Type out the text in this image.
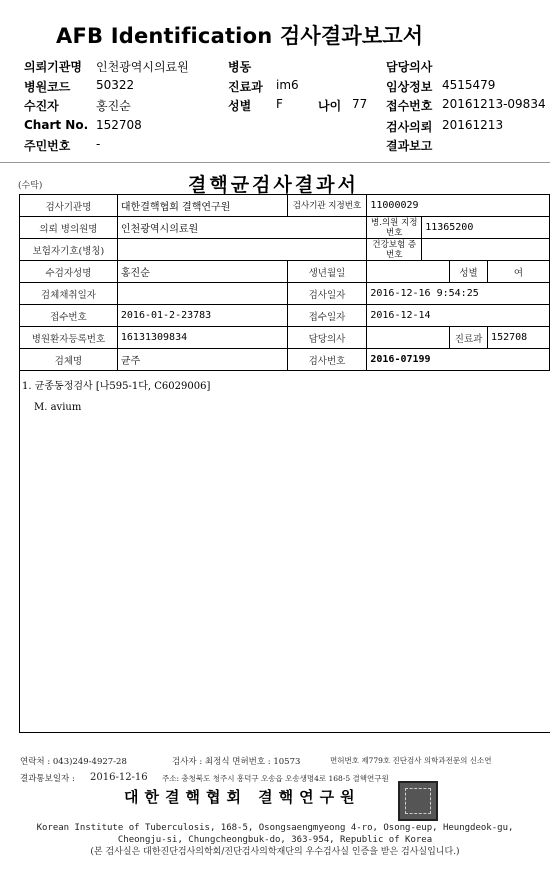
AFB Identification 검사결과보고서
의뢰기관명 인천광역시의료원	병동	담당의사
병원코드 50322	진료과 im6	임상정보 4515479
수진자	홍진순	성별 F	나이 77 접수번호 20161213-09834
Chart No. 152708	검사의뢰 20161213
주민번호 -	결과보고
(수탁)	결핵균검사결과서
검사기관명	대한결핵협회 결핵연구원	검사기관 지정번호	11000029			
의뢰 병의원명	인천광역시의료원		병.의원 지정번호	11365200		
보험자기호(병칭)			건강보험 증번호			
수검자성명	홍진순	생년월일			성별	여
검체채취일자		검사일자	2016-12-16 9:54:25			
접수번호	2016-01-2-23783	접수일자	2016-12-14			
병원환자등록번호	16131309834	담당의사			진료과	152708
검체명	균주	검사번호	2016-07199			
1. 균종동정검사 [나595-1다, C6029006]
M. avium
연락처 : 043)249-4927-28	검사자 : 최정식 면허번호 : 10573	면허번호 제779호 진단검사 의학과전문의 신소연
결과통보일자 : 2016-12-16 주소: 충청북도 청주시 흥덕구 오송읍 오송생명4로 168-5 결핵연구원
대한결핵협회 결핵연구원
Korean Institute of Tuberculosis, 168-5, Osongsaengmyeong 4-ro, Osong-eup, Heungdeok-gu,
Cheongju-si, Chungcheongbuk-do, 363-954, Republic of Korea
(본 검사실은 대한진단검사의학회/진단검사의학재단의 우수검사실 인증을 받은 검사실입니다.)
